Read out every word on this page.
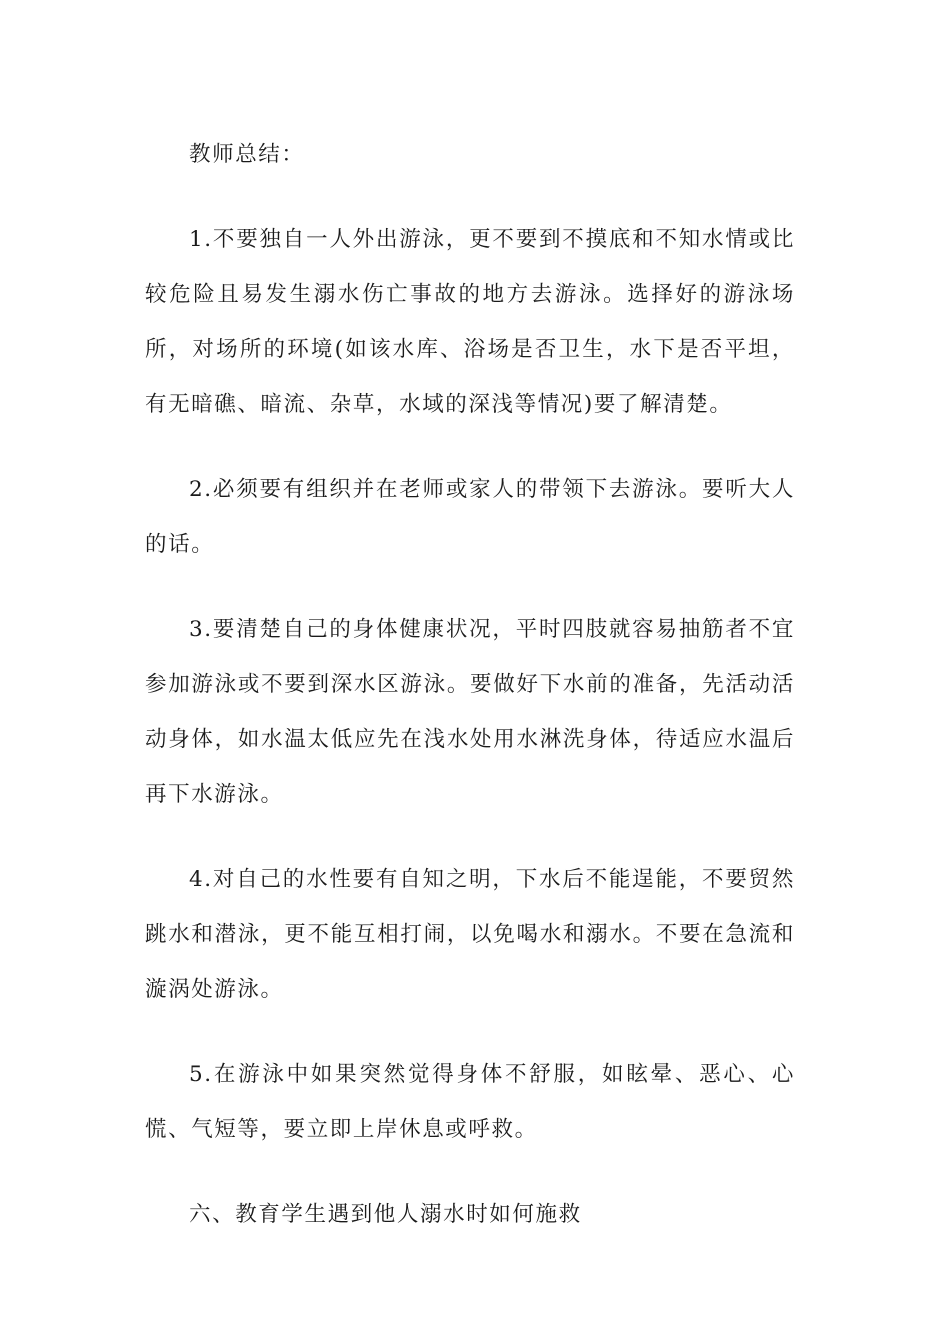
教师总结：

1.不要独自一人外出游泳，更不要到不摸底和不知水情或比较危险且易发生溺水伤亡事故的地方去游泳。选择好的游泳场所，对场所的环境(如该水库、浴场是否卫生，水下是否平坦，有无暗礁、暗流、杂草，水域的深浅等情况)要了解清楚。

2.必须要有组织并在老师或家人的带领下去游泳。要听大人的话。

3.要清楚自己的身体健康状况，平时四肢就容易抽筋者不宜参加游泳或不要到深水区游泳。要做好下水前的准备，先活动活动身体，如水温太低应先在浅水处用水淋洗身体，待适应水温后再下水游泳。

4.对自己的水性要有自知之明，下水后不能逞能，不要贸然跳水和潜泳，更不能互相打闹，以免喝水和溺水。不要在急流和漩涡处游泳。

5.在游泳中如果突然觉得身体不舒服，如眩晕、恶心、心慌、气短等，要立即上岸休息或呼救。

六、教育学生遇到他人溺水时如何施救
